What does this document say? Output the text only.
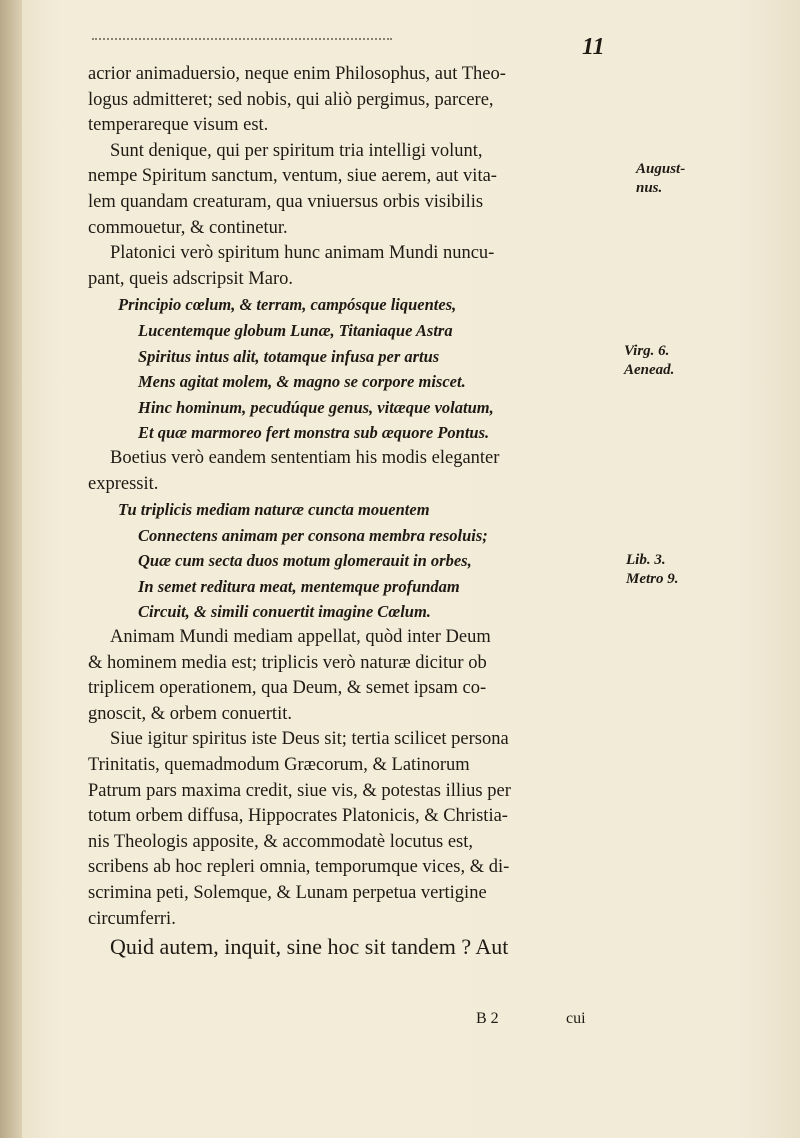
11
acrior animaduersio, neque enim Philosophus, aut Theo-
logus admitteret; sed nobis, qui aliò pergimus, parcere,
temperareque visum est.
Sunt denique, qui per spiritum tria intelligi volunt,
nempe Spiritum sanctum, ventum, siue aerem, aut vita-
lem quandam creaturam, qua vniuersus orbis visibilis
commouetur, & continetur.
Platonici verò spiritum hunc animam Mundi nuncu-
pant, queis adscripsit Maro.
Principio cœlum, & terram, campósque liquentes,
Lucentemque globum Lunæ, Titaniaque Astra
Spiritus intus alit, totamque infusa per artus
Mens agitat molem, & magno se corpore miscet.
Hinc hominum, pecudúque genus, vitæque volatum,
Et quæ marmoreo fert monstra sub æquore Pontus.
Boetius verò eandem sententiam his modis eleganter
expressit.
Tu triplicis mediam naturæ cuncta mouentem
Connectens animam per consona membra resoluis;
Quæ cum secta duos motum glomerauit in orbes,
In semet reditura meat, mentemque profundam
Circuit, & simili conuertit imagine Cœlum.
Animam Mundi mediam appellat, quòd inter Deum
& hominem media est; triplicis verò naturæ dicitur ob
triplicem operationem, qua Deum, & semet ipsam co-
gnoscit, & orbem conuertit.
Siue igitur spiritus iste Deus sit; tertia scilicet persona
Trinitatis, quemadmodum Græcorum, & Latinorum
Patrum pars maxima credit, siue vis, & potestas illius per
totum orbem diffusa, Hippocrates Platonicis, & Christia-
nis Theologis apposite, & accommodatè locutus est,
scribens ab hoc repleri omnia, temporumque vices, & di-
scrimina peti, Solemque, & Lunam perpetua vertigine
circumferri.
Quid autem, inquit, sine hoc sit tandem ? Aut
August-
nus.
Virg. 6.
Aenead.
Lib. 3.
Metro 9.
B 2	cui
